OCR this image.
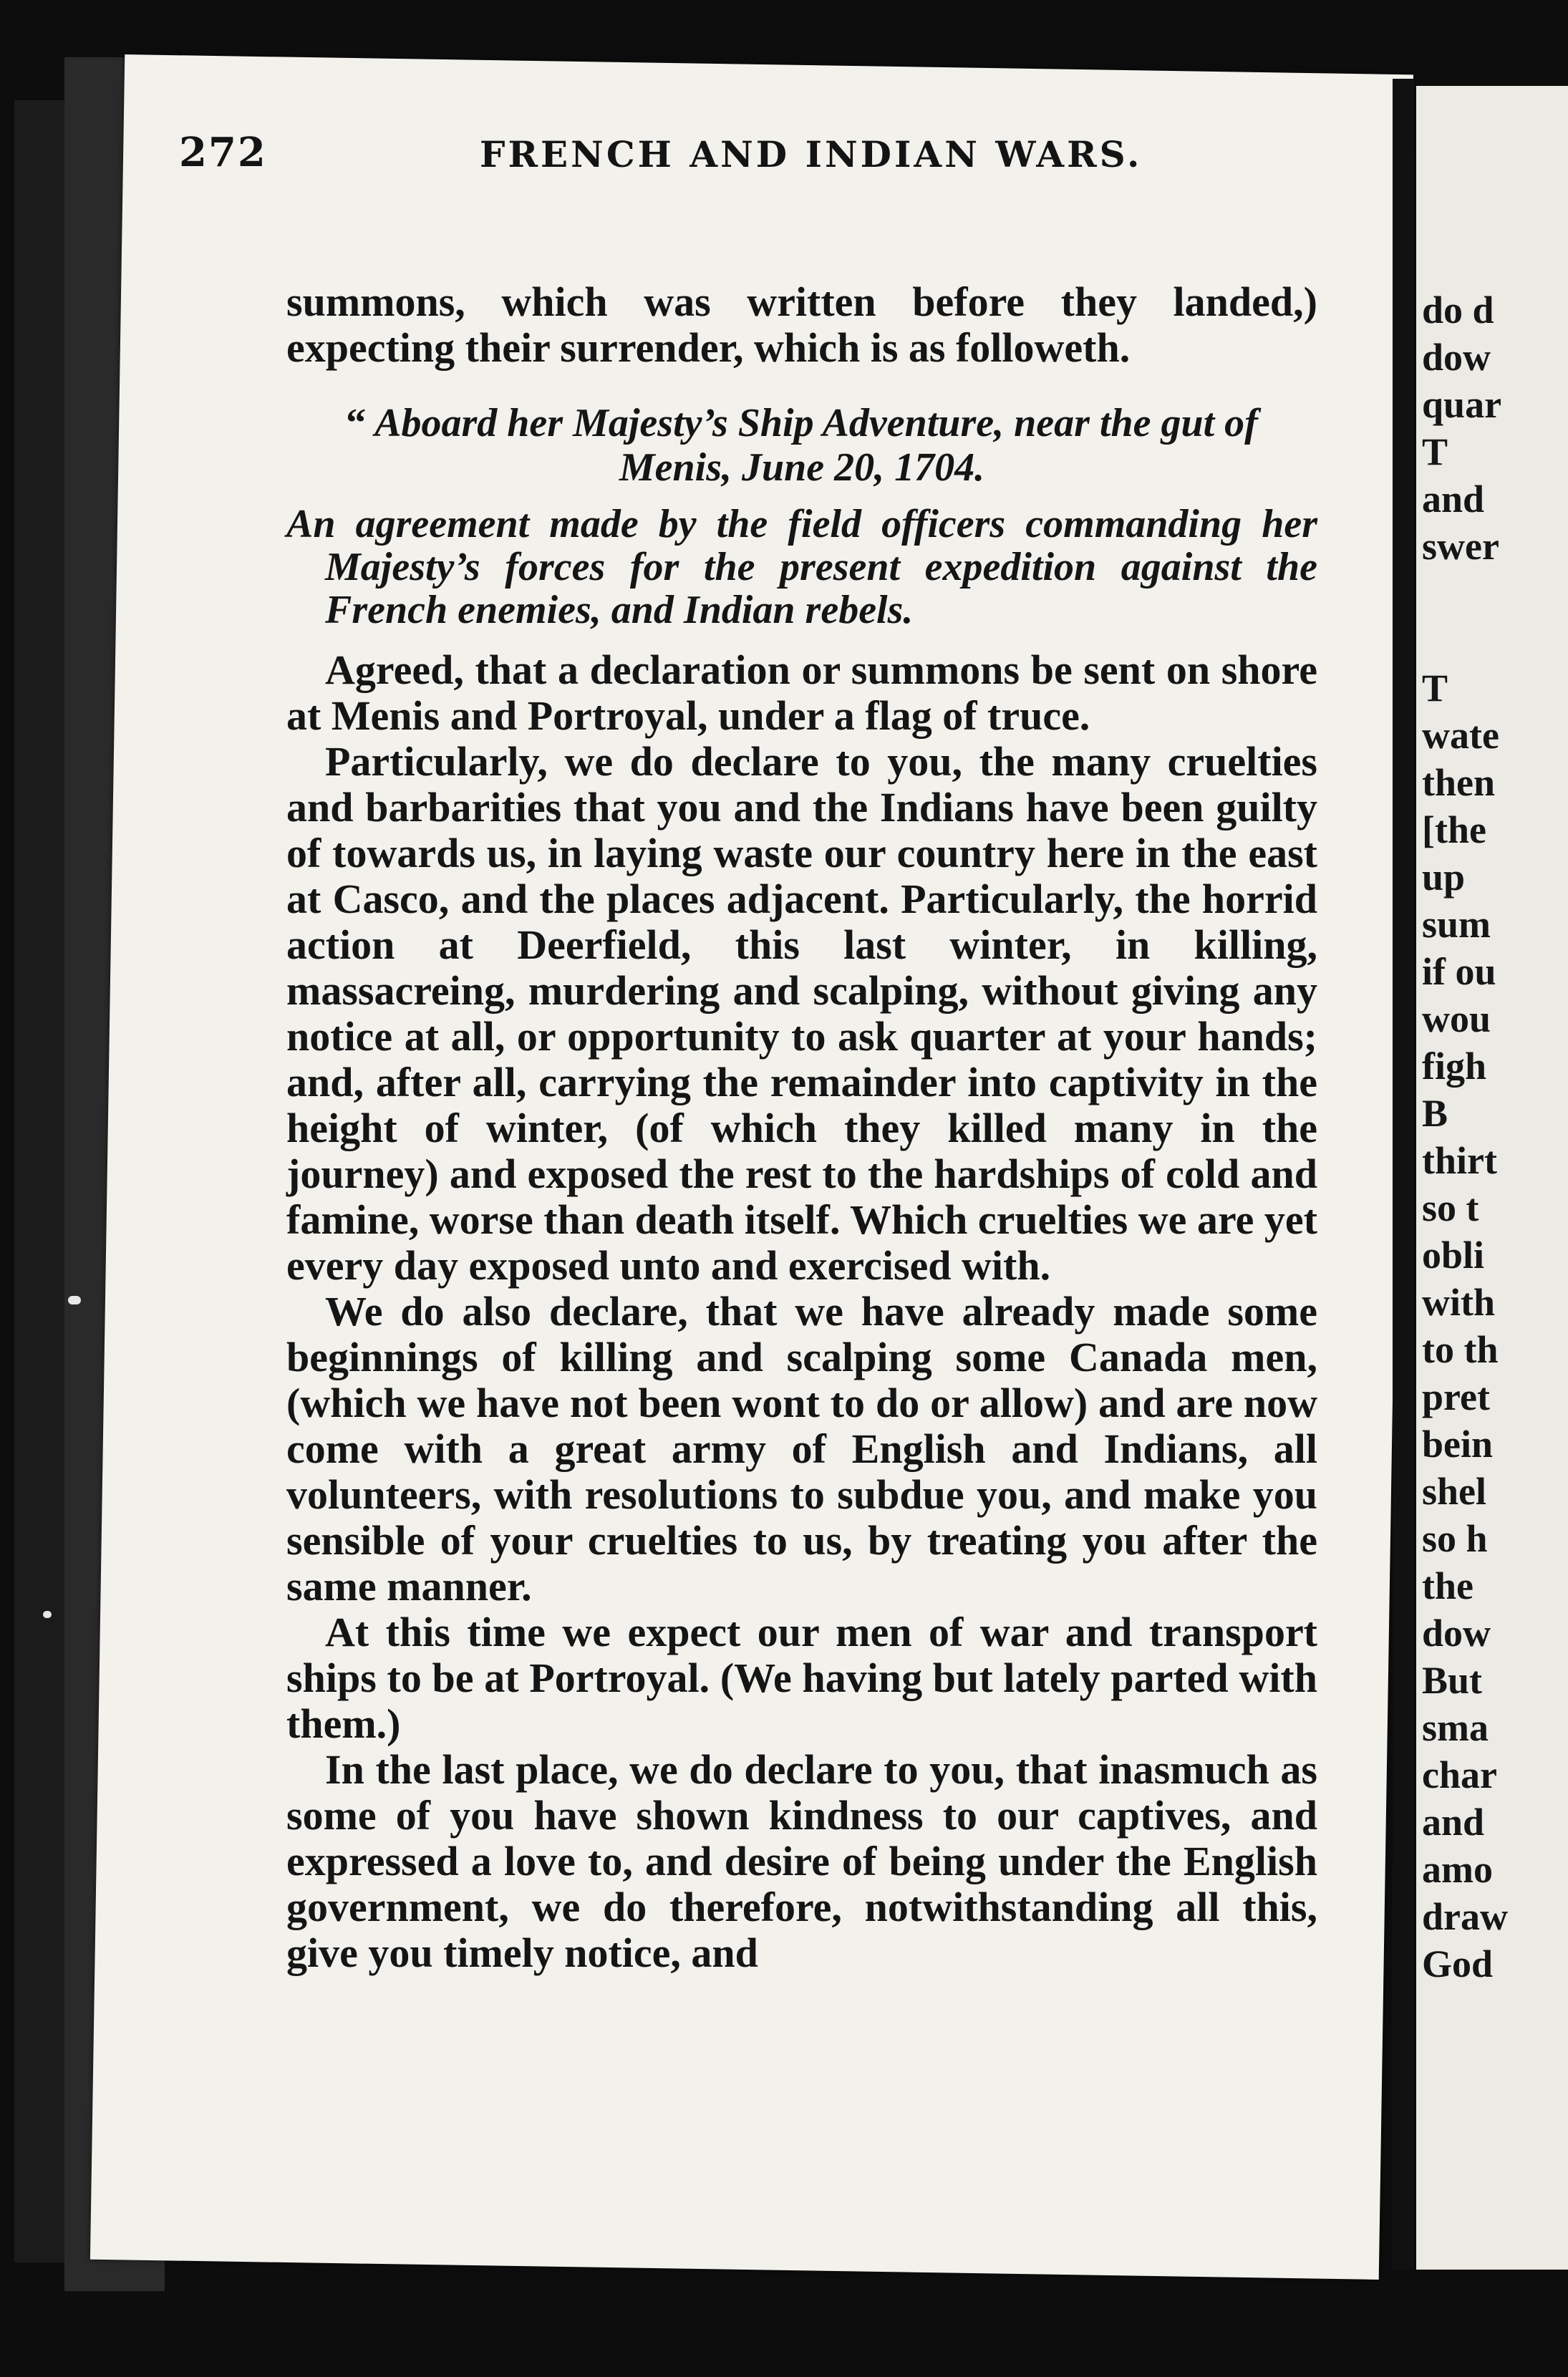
272	FRENCH AND INDIAN WARS.

summons, which was written before they landed,) expecting their surrender, which is as followeth.

“ Aboard her Majesty’s Ship Adventure, near the gut of Menis, June 20, 1704.

An agreement made by the field officers commanding her Majesty’s forces for the present expedition against the French enemies, and Indian rebels.

Agreed, that a declaration or summons be sent on shore at Menis and Portroyal, under a flag of truce.

Particularly, we do declare to you, the many cruelties and barbarities that you and the Indians have been guilty of towards us, in laying waste our country here in the east at Casco, and the places adjacent. Particularly, the horrid action at Deerfield, this last winter, in killing, massacreing, murdering and scalping, without giving any notice at all, or opportunity to ask quarter at your hands; and, after all, carrying the remainder into captivity in the height of winter, (of which they killed many in the journey) and exposed the rest to the hardships of cold and famine, worse than death itself. Which cruelties we are yet every day exposed unto and exercised with.

We do also declare, that we have already made some beginnings of killing and scalping some Canada men, (which we have not been wont to do or allow) and are now come with a great army of English and Indians, all volunteers, with resolutions to subdue you, and make you sensible of your cruelties to us, by treating you after the same manner.

At this time we expect our men of war and transport ships to be at Portroyal. (We having but lately parted with them.)

In the last place, we do declare to you, that inasmuch as some of you have shown kindness to our captives, and expressed a love to, and desire of being under the English government, we do therefore, notwithstanding all this, give you timely notice, and

do d
dow
quar
T
and
swer
T
wate
then
[the
up
sum
if ou
wou
figh
B
thirt
so t
obli
with
to th
pret
bein
shel
so h
the
dow
But
sma
char
and
amo
draw
God
